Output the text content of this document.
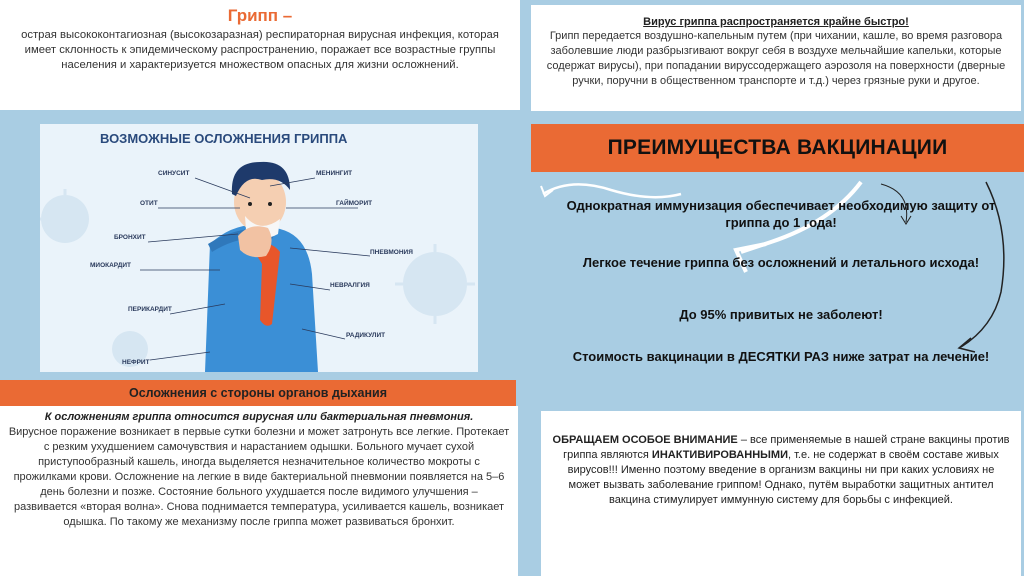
Грипп –
острая высококонтагиозная (высокозаразная) респираторная вирусная инфекция, которая имеет склонность к эпидемическому распространению, поражает все возрастные группы населения и характеризуется множеством опасных для жизни осложнений.
Вирус гриппа распространяется крайне быстро!
Грипп передается воздушно-капельным путем (при чихании, кашле, во время разговора заболевшие люди разбрызгивают вокруг себя в воздухе мельчайшие капельки, которые содержат вирусы), при попадании вирусcодержащего аэрозоля на поверхности (дверные ручки, поручни в общественном транспорте и т.д.) через грязные руки и другое.
ВОЗМОЖНЫЕ ОСЛОЖНЕНИЯ ГРИППА
СИНУСИТ	МЕНИНГИТ
ОТИТ	ГАЙМОРИТ
БРОНХИТ
ПНЕВМОНИЯ
МИОКАРДИТ
НЕВРАЛГИЯ
ПЕРИКАРДИТ
РАДИКУЛИТ
НЕФРИТ
Осложнения с стороны органов дыхания
К осложнениям гриппа относится вирусная или бактериальная пневмония.
Вирусное поражение возникает в первые сутки болезни и может затронуть все легкие. Протекает с резким ухудшением самочувствия и нарастанием одышки. Больного мучает сухой приступообразный кашель, иногда выделяется незначительное количество мокроты с прожилками крови. Осложнение на легкие в виде бактериальной пневмонии появляется на 5–6 день болезни и позже. Состояние больного ухудшается после видимого улучшения – развивается «вторая волна». Снова поднимается температура, усиливается кашель, возникает одышка. По такому же механизму после гриппа может развиваться бронхит.
ПРЕИМУЩЕСТВА ВАКЦИНАЦИИ
Однократная иммунизация обеспечивает необходимую защиту от гриппа до 1 года!
Легкое течение гриппа без осложнений и летального исхода!
До 95% привитых не заболеют!
Стоимость вакцинации в ДЕСЯТКИ РАЗ ниже затрат на лечение!
ОБРАЩАЕМ ОСОБОЕ ВНИМАНИЕ – все применяемые в нашей стране вакцины против гриппа являются ИНАКТИВИРОВАННЫМИ, т.е. не содержат в своём составе живых вирусов!!! Именно поэтому введение в организм вакцины ни при каких условиях не может вызвать заболевание гриппом! Однако, путём выработки защитных антител вакцина стимулирует иммунную систему для борьбы с инфекцией.
